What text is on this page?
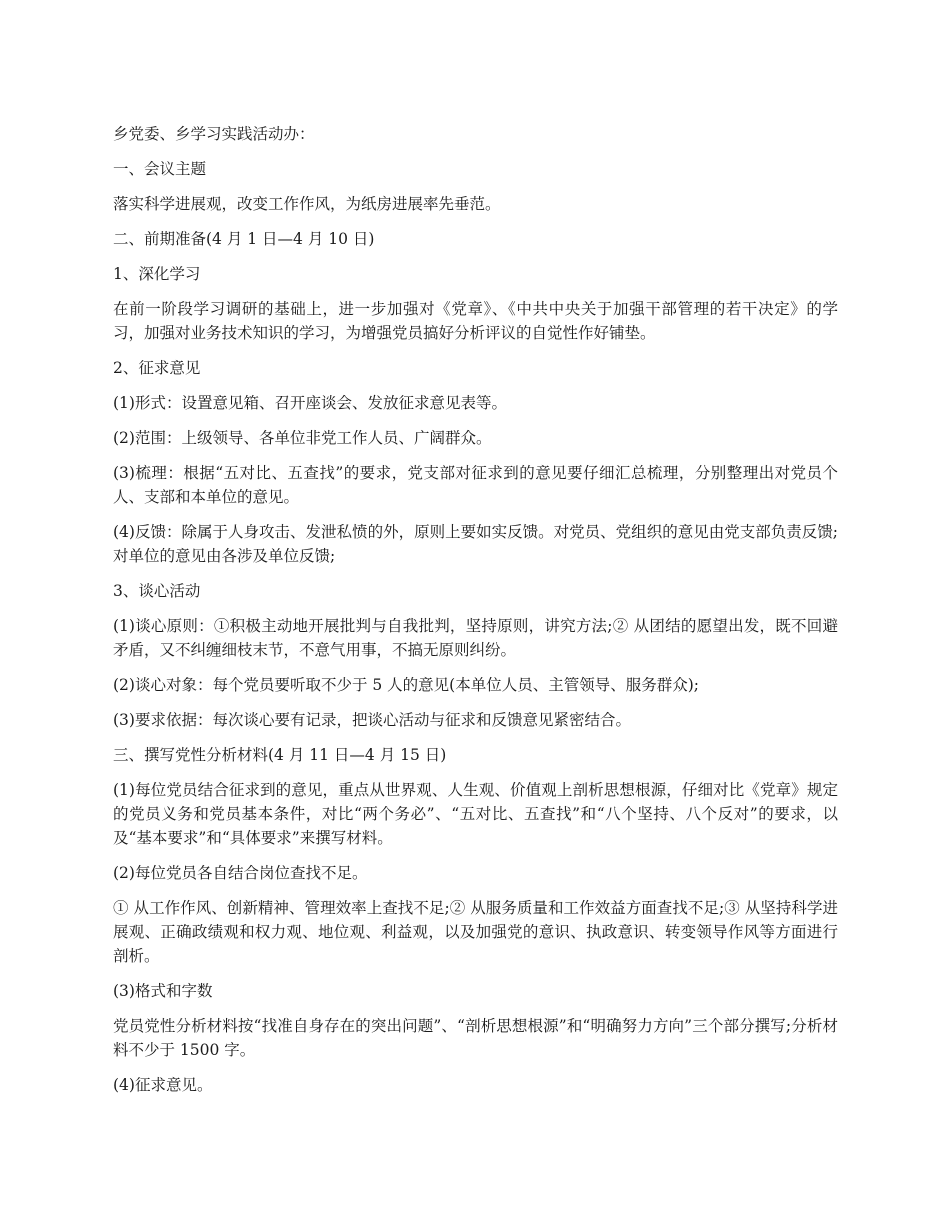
乡党委、乡学习实践活动办：

一、会议主题

落实科学进展观，改变工作作风，为纸房进展率先垂范。

二、前期准备(4 月 1 日—4 月 10 日)

1、深化学习

在前一阶段学习调研的基础上，进一步加强对《党章》、《中共中央关于加强干部管理的若干决定》的学习，加强对业务技术知识的学习，为增强党员搞好分析评议的自觉性作好铺垫。

2、征求意见

(1)形式：设置意见箱、召开座谈会、发放征求意见表等。

(2)范围：上级领导、各单位非党工作人员、广阔群众。

(3)梳理：根据“五对比、五查找”的要求，党支部对征求到的意见要仔细汇总梳理，分别整理出对党员个人、支部和本单位的意见。

(4)反馈：除属于人身攻击、发泄私愤的外，原则上要如实反馈。对党员、党组织的意见由党支部负责反馈;对单位的意见由各涉及单位反馈;

3、谈心活动

(1)谈心原则：①积极主动地开展批判与自我批判，坚持原则，讲究方法;② 从团结的愿望出发，既不回避矛盾，又不纠缠细枝末节，不意气用事，不搞无原则纠纷。

(2)谈心对象：每个党员要听取不少于 5 人的意见(本单位人员、主管领导、服务群众);

(3)要求依据：每次谈心要有记录，把谈心活动与征求和反馈意见紧密结合。

三、撰写党性分析材料(4 月 11 日—4 月 15 日)

(1)每位党员结合征求到的意见，重点从世界观、人生观、价值观上剖析思想根源，仔细对比《党章》规定的党员义务和党员基本条件，对比“两个务必”、“五对比、五查找”和“八个坚持、八个反对”的要求，以及“基本要求”和“具体要求”来撰写材料。

(2)每位党员各自结合岗位查找不足。

① 从工作作风、创新精神、管理效率上查找不足;② 从服务质量和工作效益方面查找不足;③ 从坚持科学进展观、正确政绩观和权力观、地位观、利益观，以及加强党的意识、执政意识、转变领导作风等方面进行剖析。

(3)格式和字数

党员党性分析材料按“找准自身存在的突出问题”、“剖析思想根源”和“明确努力方向”三个部分撰写;分析材料不少于 1500 字。

(4)征求意见。
